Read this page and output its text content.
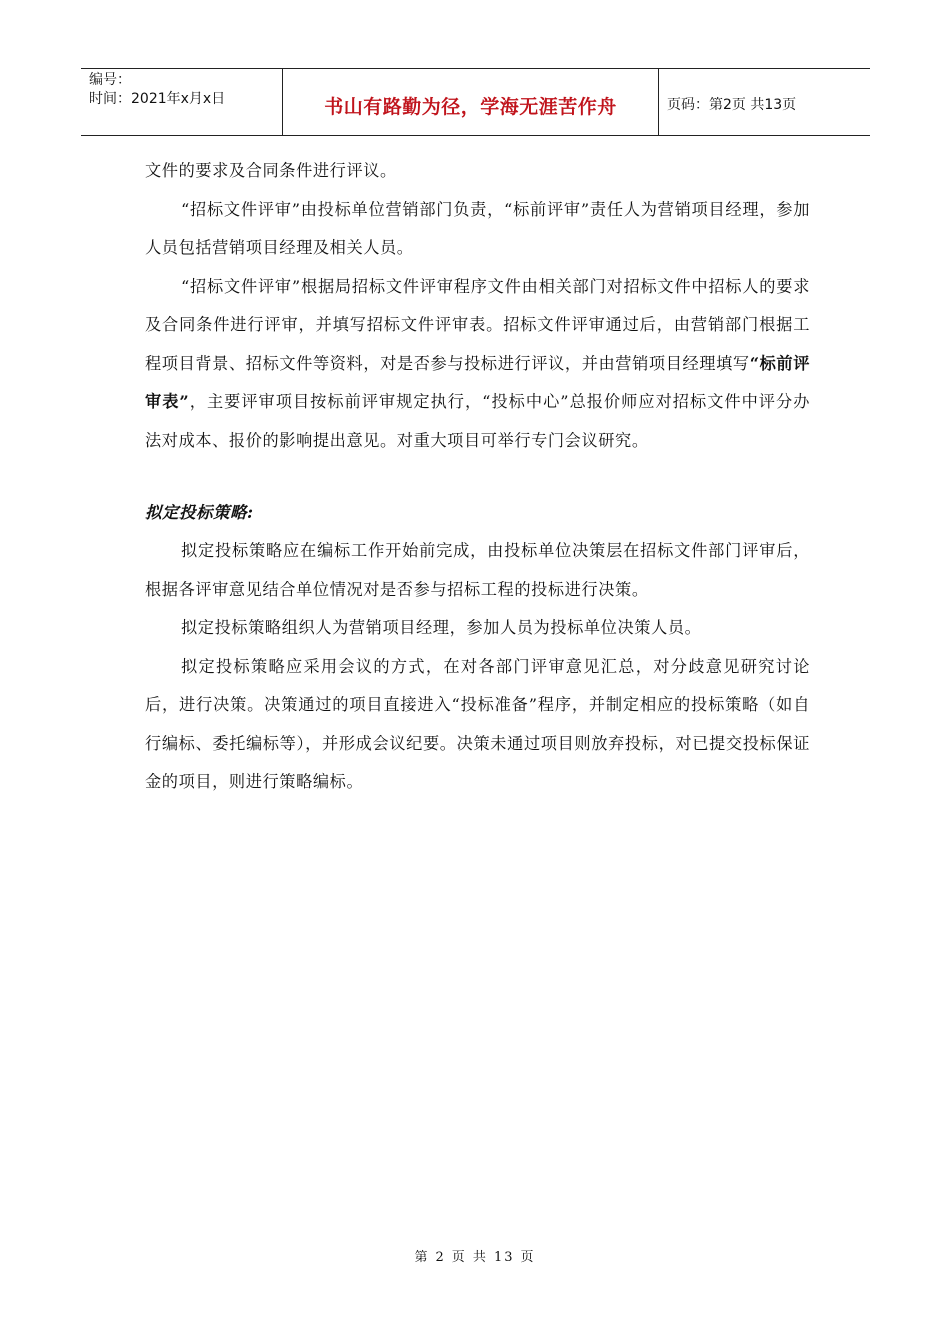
编号：
时间：2021年x月x日	书山有路勤为径，学海无涯苦作舟	页码：第2页 共13页

文件的要求及合同条件进行评议。

“招标文件评审”由投标单位营销部门负责，“标前评审”责任人为营销项目经理，参加人员包括营销项目经理及相关人员。

“招标文件评审”根据局招标文件评审程序文件由相关部门对招标文件中招标人的要求及合同条件进行评审，并填写招标文件评审表。招标文件评审通过后，由营销部门根据工程项目背景、招标文件等资料，对是否参与投标进行评议，并由营销项目经理填写“标前评审表”，主要评审项目按标前评审规定执行，“投标中心”总报价师应对招标文件中评分办法对成本、报价的影响提出意见。对重大项目可举行专门会议研究。

拟定投标策略:

拟定投标策略应在编标工作开始前完成，由投标单位决策层在招标文件部门评审后，根据各评审意见结合单位情况对是否参与招标工程的投标进行决策。

拟定投标策略组织人为营销项目经理，参加人员为投标单位决策人员。

拟定投标策略应采用会议的方式，在对各部门评审意见汇总，对分歧意见研究讨论后，进行决策。决策通过的项目直接进入“投标准备”程序，并制定相应的投标策略（如自行编标、委托编标等），并形成会议纪要。决策未通过项目则放弃投标，对已提交投标保证金的项目，则进行策略编标。

第 2 页 共 13 页
